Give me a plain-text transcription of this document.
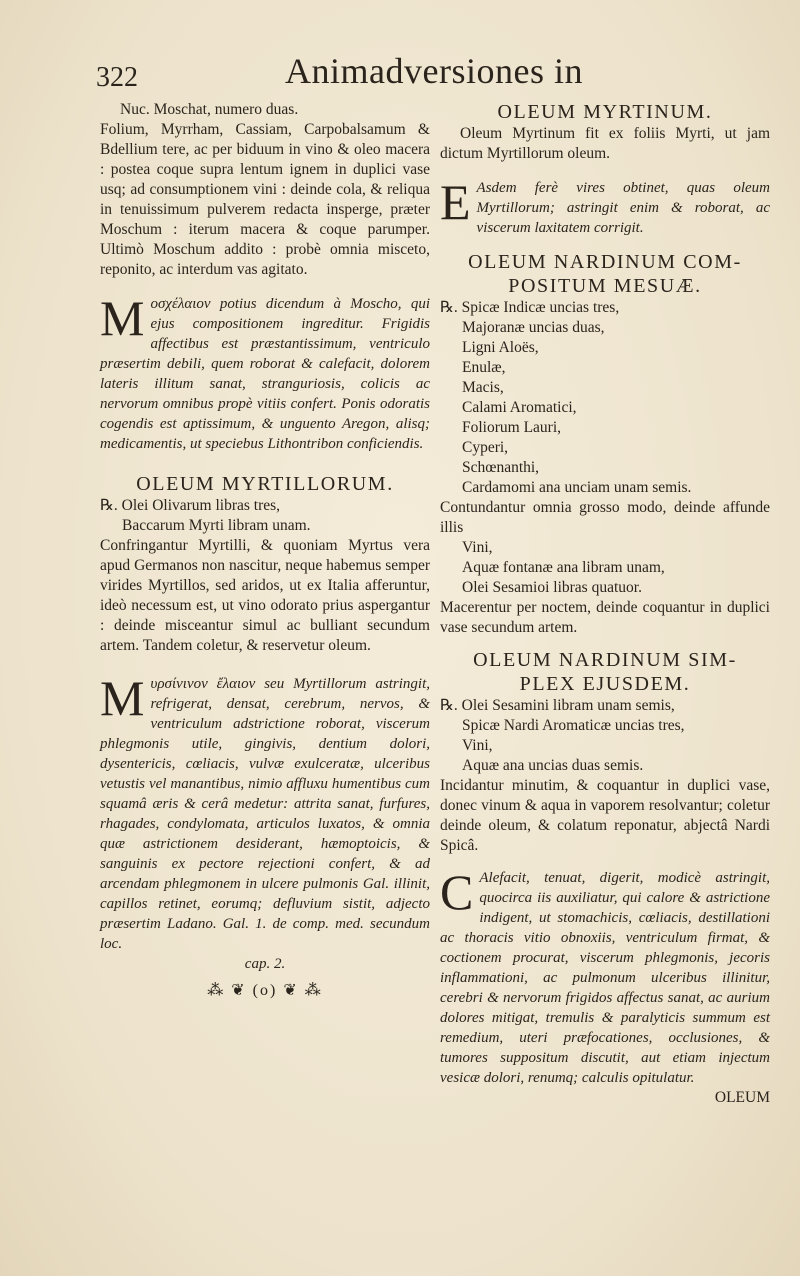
322	Animadversiones in

Nuc. Moschat, numero duas.

Folium, Myrrham, Cassiam, Carpobalsamum & Bdellium tere, ac per biduum in vino & oleo macera : postea coque supra lentum ignem in duplici vase usq; ad consumptionem vini : deinde cola, & reliqua in tenuissimum pulverem redacta insperge, præter Moschum : iterum macera & coque parumper. Ultimò Moschum addito : probè omnia misceto, reponito, ac interdum vas agitato.

M οσχέλαιον potius dicendum à Moscho, qui ejus compositionem ingreditur. Frigidis affectibus est præstantissimum, ventriculo præsertim debili, quem roborat & calefacit, dolorem lateris illitum sanat, stranguriosis, colicis ac nervorum omnibus propè vitiis confert. Ponis odoratis cogendis est aptissimum, & unguento Aregon, alisq; medicamentis, ut speciebus Lithontribon conficiendis.

OLEUM MYRTILLORUM.

℞. Olei Olivarum libras tres,

Baccarum Myrti libram unam.

Confringantur Myrtilli, & quoniam Myrtus vera apud Germanos non nascitur, neque habemus semper virides Myrtillos, sed aridos, ut ex Italia afferuntur, ideò necessum est, ut vino odorato prius aspergantur : deinde misceantur simul ac bulliant secundum artem. Tandem coletur, & reservetur oleum.

M υρσίνινον ἔλαιον seu Myrtillorum astringit, refrigerat, densat, cerebrum, nervos, & ventriculum adstrictione roborat, viscerum phlegmonis utile, gingivis, dentium dolori, dysentericis, cœliacis, vulvæ exulceratæ, ulceribus vetustis vel manantibus, nimio affluxu humentibus cum squamâ æris & cerâ medetur: attrita sanat, furfures, rhagades, condylomata, articulos luxatos, & omnia quæ astrictionem desiderant, hæmoptoicis, & sanguinis ex pectore rejectioni confert, & ad arcendam phlegmonem in ulcere pulmonis Gal. illinit, capillos retinet, eorumq; defluvium sistit, adjecto præsertim Ladano. Gal. 1. de comp. med. secundum loc.

cap. 2.

⁂ ❦ (o) ❦ ⁂

OLEUM MYRTINUM.

Oleum Myrtinum fit ex foliis Myrti, ut jam dictum Myrtillorum oleum.

E Asdem ferè vires obtinet, quas oleum Myrtillorum; astringit enim & roborat, ac viscerum laxitatem corrigit.

OLEUM NARDINUM COM-

POSITUM MESUÆ.

℞. Spicæ Indicæ uncias tres,

Majoranæ uncias duas,

Ligni Aloës,

Enulæ,

Macis,

Calami Aromatici,

Foliorum Lauri,

Cyperi,

Schœnanthi,

Cardamomi ana unciam unam semis.

Contundantur omnia grosso modo, deinde affunde illis

Vini,

Aquæ fontanæ ana libram unam,

Olei Sesamioi libras quatuor.

Macerentur per noctem, deinde coquantur in duplici vase secundum artem.

OLEUM NARDINUM SIM-

PLEX EJUSDEM.

℞. Olei Sesamini libram unam semis,

Spicæ Nardi Aromaticæ uncias tres,

Vini,

Aquæ ana uncias duas semis.

Incidantur minutim, & coquantur in duplici vase, donec vinum & aqua in vaporem resolvantur; coletur deinde oleum, & colatum reponatur, abjectâ Nardi Spicâ.

C Alefacit, tenuat, digerit, modicè astringit, quocirca iis auxiliatur, qui calore & astrictione indigent, ut stomachicis, cœliacis, destillationi ac thoracis vitio obnoxiis, ventriculum firmat, & coctionem procurat, viscerum phlegmonis, jecoris inflammationi, ac pulmonum ulceribus illinitur, cerebri & nervorum frigidos affectus sanat, ac aurium dolores mitigat, tremulis & paralyticis summum est remedium, uteri præfocationes, occlusiones, & tumores suppositum discutit, aut etiam injectum vesicæ dolori, renumq; calculis opitulatur.

OLEUM
